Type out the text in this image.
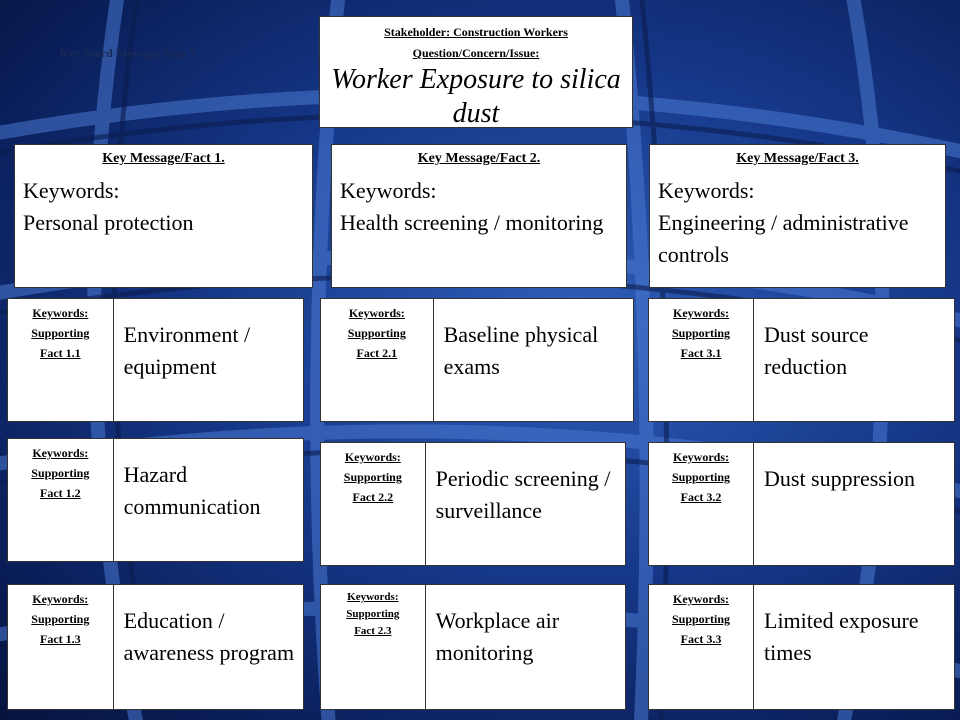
Key Word Message Map 3
Stakeholder: Construction Workers
Question/Concern/Issue:
Worker Exposure to silica dust
Key Message/Fact 1.
Keywords:
Personal protection
Key Message/Fact 2.
Keywords:
Health screening / monitoring
Key Message/Fact 3.
Keywords:
Engineering / administrative controls
Keywords:
Supporting
Fact 1.1
Environment / equipment
Keywords:
Supporting
Fact 1.2
Hazard communication
Keywords:
Supporting
Fact 1.3
Education / awareness program
Keywords:
Supporting
Fact 2.1
Baseline physical exams
Keywords:
Supporting
Fact 2.2
Periodic screening / surveillance
Keywords:
Supporting
Fact 2.3	Workplace air monitoring
Keywords:
Supporting
Fact 3.1
Dust source reduction
Keywords:
Supporting
Fact 3.2
Dust suppression
Keywords:
Supporting
Fact 3.3
Limited exposure times
